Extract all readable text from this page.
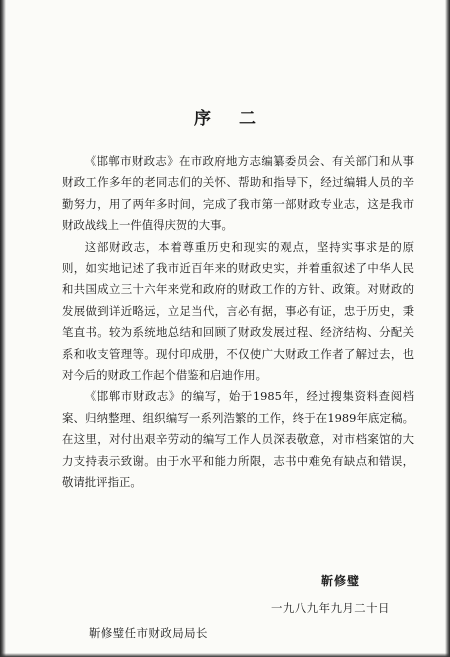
序二

《邯郸市财政志》在市政府地方志编纂委员会、有关部门和从事财政工作多年的老同志们的关怀、帮助和指导下，经过编辑人员的辛勤努力，用了两年多时间，完成了我市第一部财政专业志，这是我市财政战线上一件值得庆贺的大事。

这部财政志，本着尊重历史和现实的观点，坚持实事求是的原则，如实地记述了我市近百年来的财政史实，并着重叙述了中华人民和共国成立三十六年来党和政府的财政工作的方针、政策。对财政的发展做到详近略远，立足当代，言必有据，事必有证，忠于历史，秉笔直书。较为系统地总结和回顾了财政发展过程、经济结构、分配关系和收支管理等。现付印成册，不仅使广大财政工作者了解过去，也对今后的财政工作起个借鉴和启迪作用。

《邯郸市财政志》的编写，始于1985年，经过搜集资料查阅档案、归纳整理、组织编写一系列浩繁的工作，终于在1989年底定稿。在这里，对付出艰辛劳动的编写工作人员深表敬意，对市档案馆的大力支持表示致谢。由于水平和能力所限，志书中难免有缺点和错误，敬请批评指正。

靳修璧
一九八九年九月二十日
靳修璧任市财政局局长
